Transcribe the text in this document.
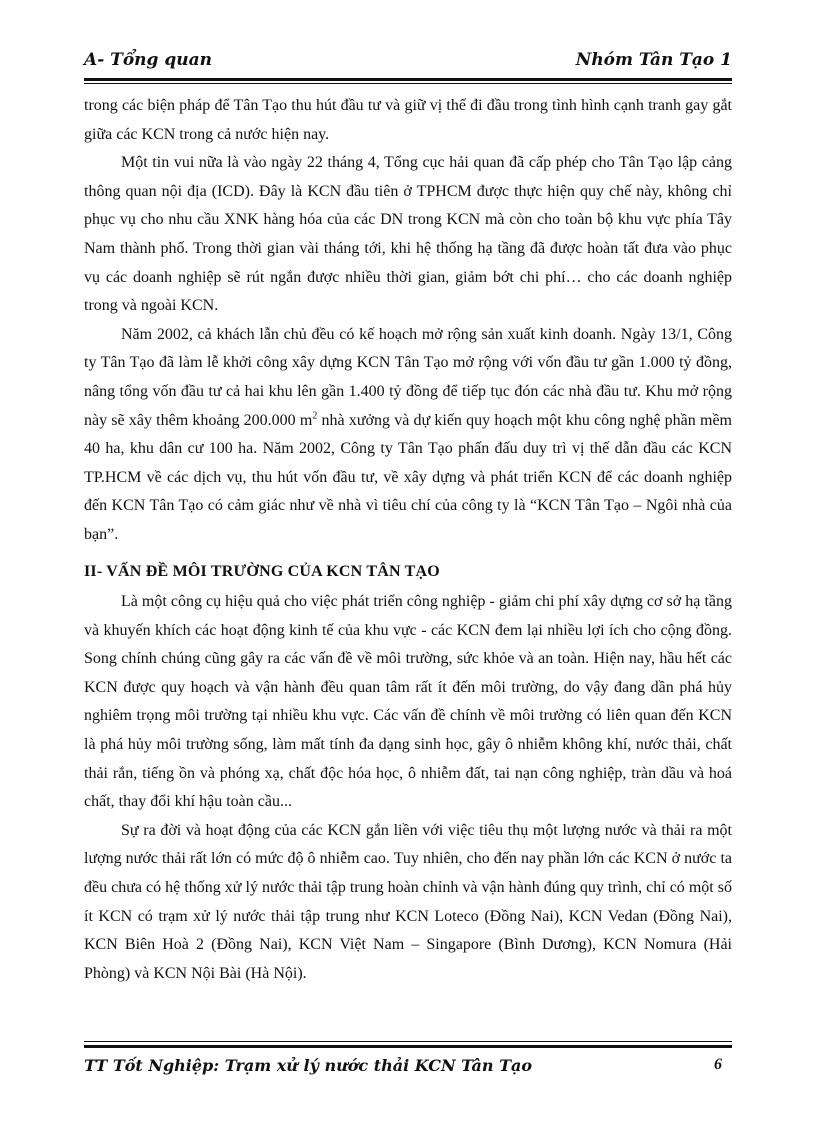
A- Tổng quan	Nhóm Tân Tạo 1

trong các biện pháp để Tân Tạo thu hút đầu tư và giữ vị thế đi đầu trong tình hình cạnh tranh gay gắt giữa các KCN trong cả nước hiện nay.

Một tin vui nữa là vào ngày 22 tháng 4, Tổng cục hải quan đã cấp phép cho Tân Tạo lập cảng thông quan nội địa (ICD). Đây là KCN đầu tiên ở TPHCM được thực hiện quy chế này, không chỉ phục vụ cho nhu cầu XNK hàng hóa của các DN trong KCN mà còn cho toàn bộ khu vực phía Tây Nam thành phố. Trong thời gian vài tháng tới, khi hệ thống hạ tầng đã được hoàn tất đưa vào phục vụ các doanh nghiệp sẽ rút ngắn được nhiều thời gian, giảm bớt chi phí… cho các doanh nghiệp trong và ngoài KCN.

Năm 2002, cả khách lẫn chủ đều có kế hoạch mở rộng sản xuất kinh doanh. Ngày 13/1, Công ty Tân Tạo đã làm lễ khởi công xây dựng KCN Tân Tạo mở rộng với vốn đầu tư gần 1.000 tỷ đồng, nâng tổng vốn đầu tư cả hai khu lên gần 1.400 tỷ đồng để tiếp tục đón các nhà đầu tư. Khu mở rộng này sẽ xây thêm khoảng 200.000 $m^2$ nhà xưởng và dự kiến quy hoạch một khu công nghệ phần mềm 40 ha, khu dân cư 100 ha. Năm 2002, Công ty Tân Tạo phấn đấu duy trì vị thế dẫn đầu các KCN TP.HCM về các dịch vụ, thu hút vốn đầu tư, về xây dựng và phát triển KCN để các doanh nghiệp đến KCN Tân Tạo có cảm giác như về nhà vì tiêu chí của công ty là “KCN Tân Tạo – Ngôi nhà của bạn”.

II- VẤN ĐỀ MÔI TRƯỜNG CỦA KCN TÂN TẠO

Là một công cụ hiệu quả cho việc phát triển công nghiệp - giảm chi phí xây dựng cơ sở hạ tầng và khuyến khích các hoạt động kinh tế của khu vực - các KCN đem lại nhiều lợi ích cho cộng đồng. Song chính chúng cũng gây ra các vấn đề về môi trường, sức khỏe và an toàn. Hiện nay, hầu hết các KCN được quy hoạch và vận hành đều quan tâm rất ít đến môi trường, do vậy đang dần phá hủy nghiêm trọng môi trường tại nhiều khu vực. Các vấn đề chính về môi trường có liên quan đến KCN là phá hủy môi trường sống, làm mất tính đa dạng sinh học, gây ô nhiễm không khí, nước thải, chất thải rắn, tiếng ồn và phóng xạ, chất độc hóa học, ô nhiễm đất, tai nạn công nghiệp, tràn dầu và hoá chất, thay đổi khí hậu toàn cầu...

Sự ra đời và hoạt động của các KCN gắn liền với việc tiêu thụ một lượng nước và thải ra một lượng nước thải rất lớn có mức độ ô nhiễm cao. Tuy nhiên, cho đến nay phần lớn các KCN ở nước ta đều chưa có hệ thống xử lý nước thải tập trung hoàn chỉnh và vận hành đúng quy trình, chỉ có một số ít KCN có trạm xử lý nước thải tập trung như KCN Loteco (Đồng Nai), KCN Vedan (Đồng Nai), KCN Biên Hoà 2 (Đồng Nai), KCN Việt Nam – Singapore (Bình Dương), KCN Nomura (Hải Phòng) và KCN Nội Bài (Hà Nội).

TT Tốt Nghiệp: Trạm xử lý nước thải KCN Tân Tạo	6
